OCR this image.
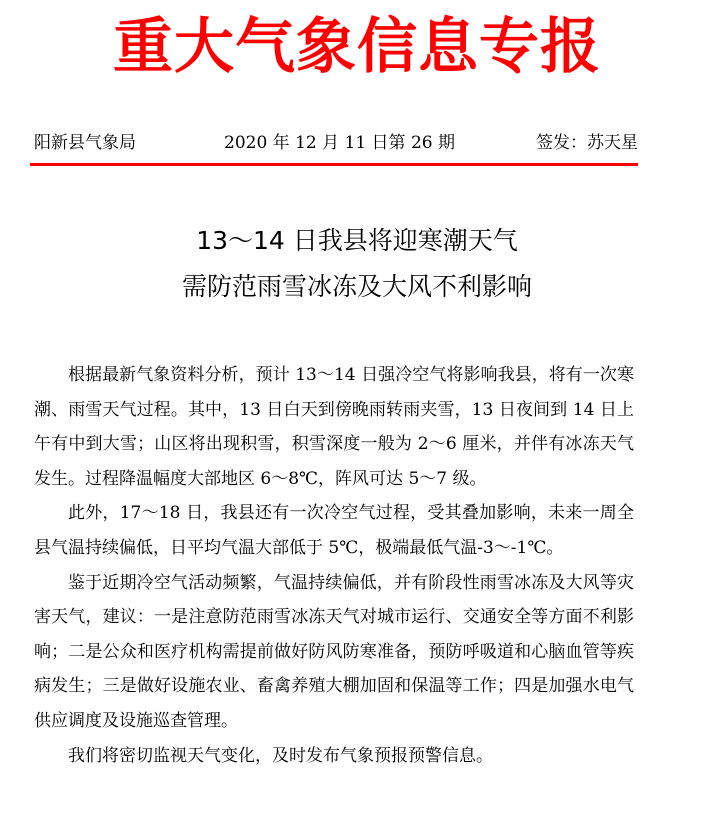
重大气象信息专报
阳新县气象局	2020 年 12 月 11 日第 26 期	签发：苏天星
13～14 日我县将迎寒潮天气
需防范雨雪冰冻及大风不利影响

根据最新气象资料分析，预计 13～14 日强冷空气将影响我县，将有一次寒潮、雨雪天气过程。其中，13 日白天到傍晚雨转雨夹雪，13 日夜间到 14 日上午有中到大雪；山区将出现积雪，积雪深度一般为 2～6 厘米，并伴有冰冻天气发生。过程降温幅度大部地区 6～8℃，阵风可达 5～7 级。

此外，17～18 日，我县还有一次冷空气过程，受其叠加影响，未来一周全县气温持续偏低，日平均气温大部低于 5℃，极端最低气温-3～-1℃。

鉴于近期冷空气活动频繁，气温持续偏低，并有阶段性雨雪冰冻及大风等灾害天气，建议：一是注意防范雨雪冰冻天气对城市运行、交通安全等方面不利影响；二是公众和医疗机构需提前做好防风防寒准备，预防呼吸道和心脑血管等疾病发生；三是做好设施农业、畜禽养殖大棚加固和保温等工作；四是加强水电气供应调度及设施巡查管理。

我们将密切监视天气变化，及时发布气象预报预警信息。
